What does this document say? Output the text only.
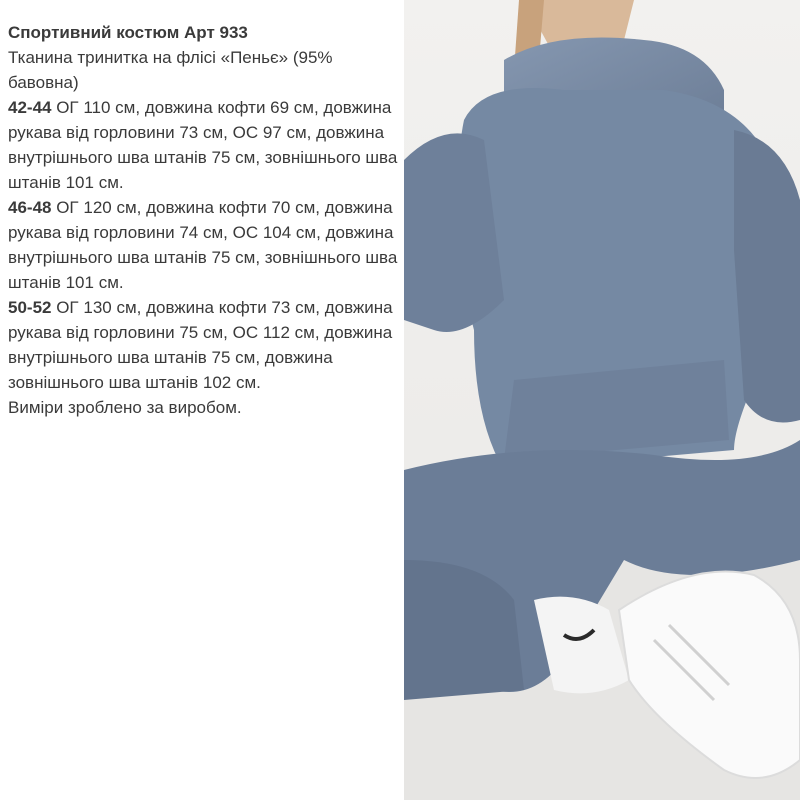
Спортивний костюм Арт 933

Тканина тринитка на флісі «Пеньє» (95% бавовна)

42-44 ОГ 110 см, довжина кофти 69 см, довжина рукава від горловини 73 см, ОС 97 см, довжина внутрішнього шва штанів 75 см, зовнішнього шва штанів 101 см.

46-48 ОГ 120 см, довжина кофти 70 см, довжина рукава від горловини 74 см, ОС 104 см, довжина внутрішнього шва штанів 75 см, зовнішнього шва штанів 101 см.

50-52 ОГ 130 см, довжина кофти 73 см, довжина рукава від горловини 75 см, ОС 112 см, довжина внутрішнього шва штанів 75 см, довжина зовнішнього шва штанів 102 см.

Виміри зроблено за виробом.
